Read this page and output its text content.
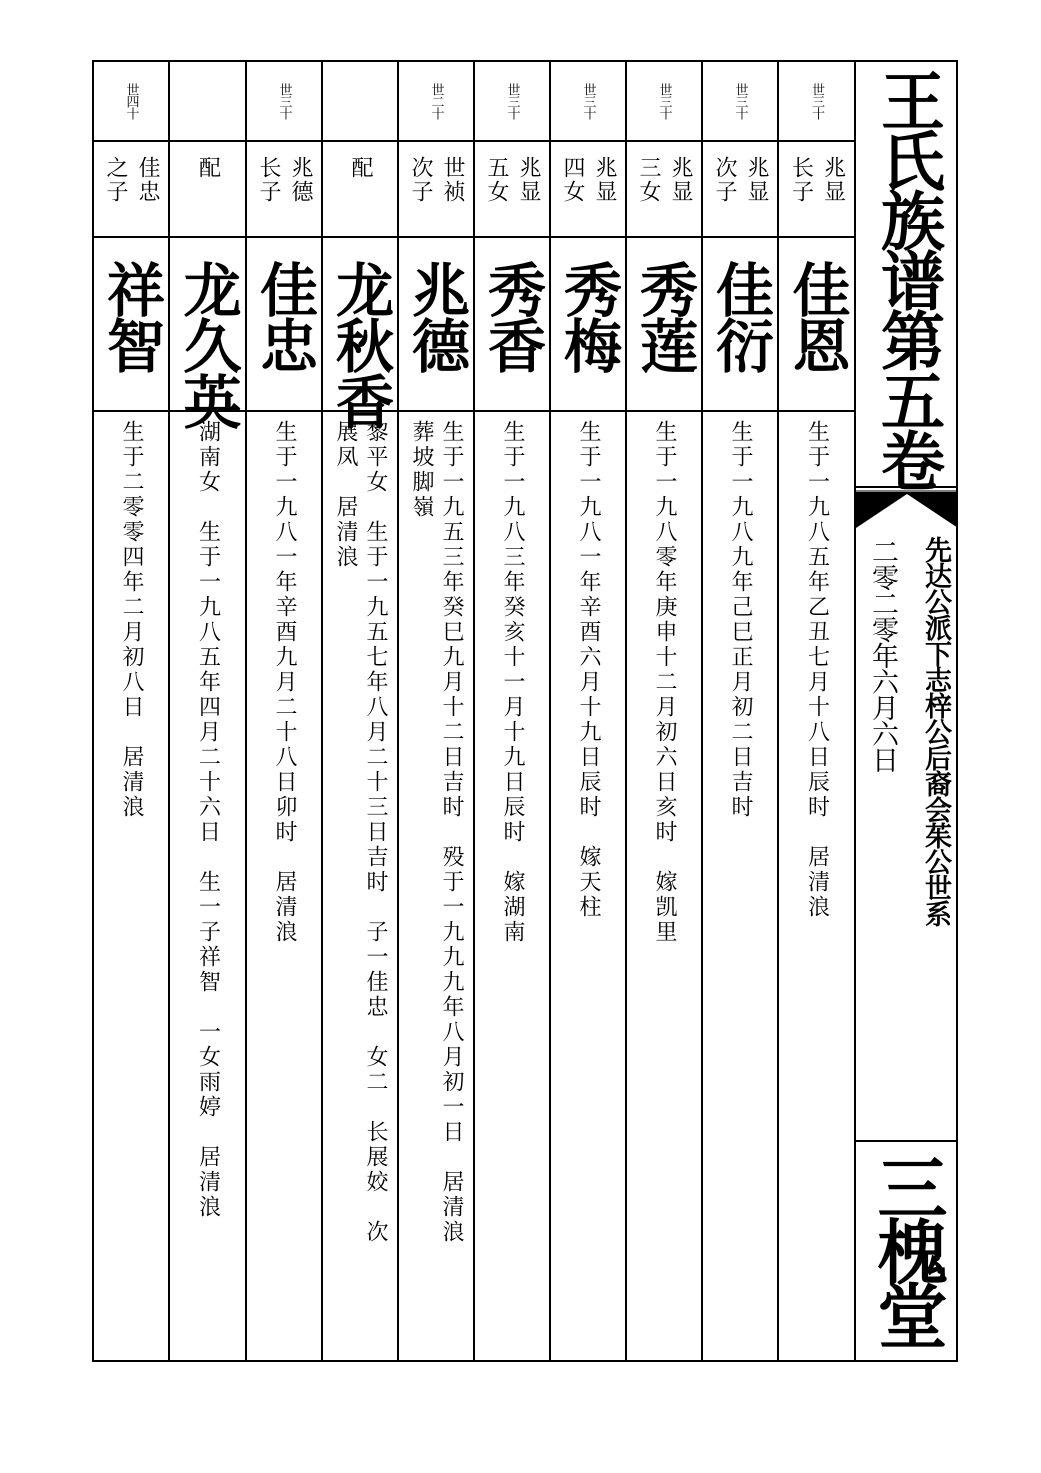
世四十
佳忠
之子
祥智
生于二零零四年二月初八日　居清浪
配
龙久英
湖南女　生于一九八五年四月二十六日　生一子祥智　一女雨婷　居清浪
世三十
兆德
长子
佳忠
生于一九八一年辛酉九月二十八日卯时　居清浪
配
龙秋香
黎平女　生于一九五七年八月二十三日吉时　子一佳忠　女二　长展姣　次
展凤　居清浪
世二十
世祯
次子
兆德
生于一九五三年癸巳九月十二日吉时　殁于一九九九年八月初一日　居清浪
葬坡脚嶺
世三十
兆显
五女
秀香
生于一九八三年癸亥十一月十九日辰时　嫁湖南
世三十
兆显
四女
秀梅
生于一九八一年辛酉六月十九日辰时　嫁天柱
世三十
兆显
三女
秀莲
生于一九八零年庚申十二月初六日亥时　嫁凯里
世三十
兆显
次子
佳衍
生于一九八九年己巳正月初二日吉时
世三十
兆显
长子
佳恩
生于一九八五年乙丑七月十八日辰时　居清浪
王氏族谱第五卷
先达公派下志梓公后裔会茱公世系
二零二零年六月六日
三槐堂
